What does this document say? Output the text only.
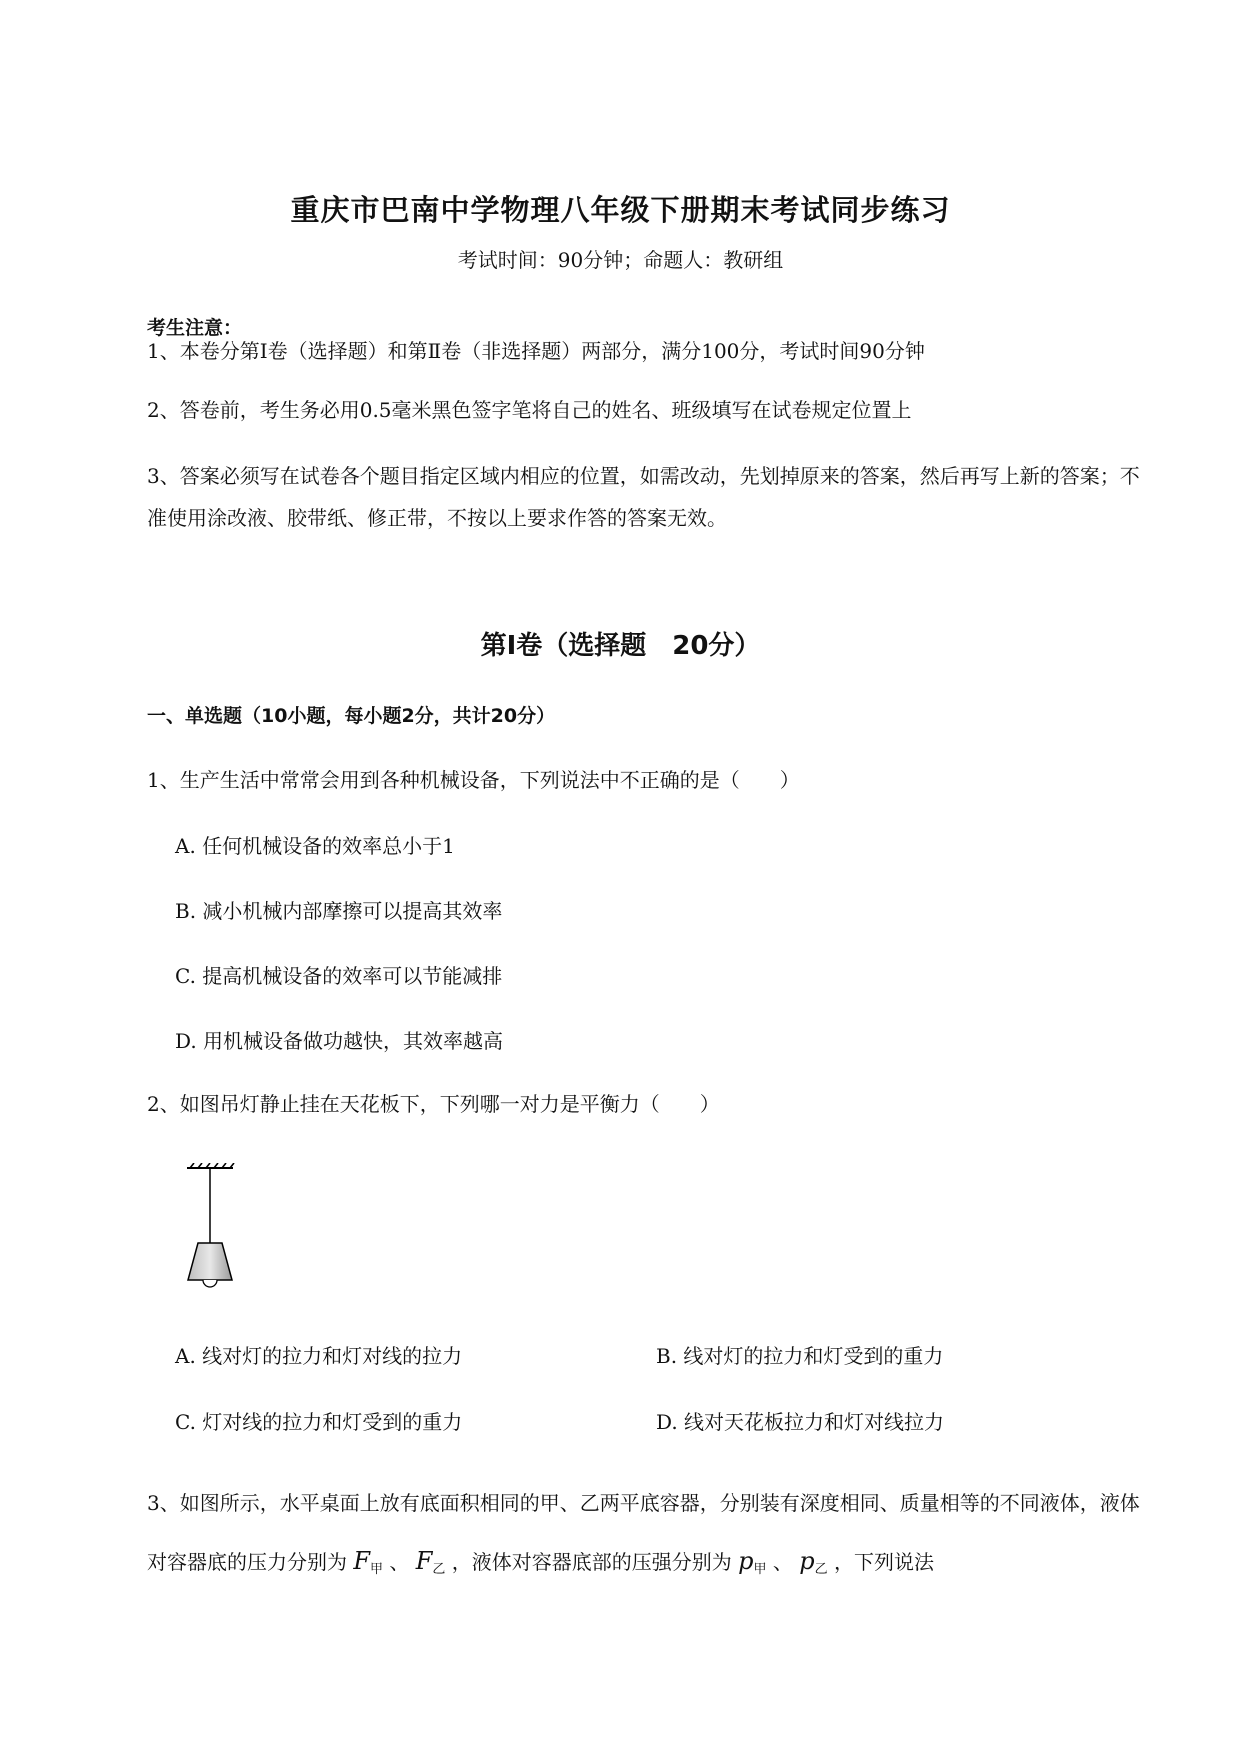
重庆市巴南中学物理八年级下册期末考试同步练习
考试时间：90分钟；命题人：教研组
考生注意：
1、本卷分第I卷（选择题）和第Ⅱ卷（非选择题）两部分，满分100分，考试时间90分钟
2、答卷前，考生务必用0.5毫米黑色签字笔将自己的姓名、班级填写在试卷规定位置上
3、答案必须写在试卷各个题目指定区域内相应的位置，如需改动，先划掉原来的答案，然后再写上新的答案；不准使用涂改液、胶带纸、修正带，不按以上要求作答的答案无效。
第I卷（选择题　20分）
一、单选题（10小题，每小题2分，共计20分）
1、生产生活中常常会用到各种机械设备，下列说法中不正确的是（　　）
A. 任何机械设备的效率总小于1
B. 减小机械内部摩擦可以提高其效率
C. 提高机械设备的效率可以节能减排
D. 用机械设备做功越快，其效率越高
2、如图吊灯静止挂在天花板下，下列哪一对力是平衡力（　　）
A. 线对灯的拉力和灯对线的拉力	B. 线对灯的拉力和灯受到的重力
C. 灯对线的拉力和灯受到的重力	D. 线对天花板拉力和灯对线拉力
3、如图所示，水平桌面上放有底面积相同的甲、乙两平底容器，分别装有深度相同、质量相等的不同液体，液体对容器底的压力分别为 $F_甲$ 、 $F_乙$ ，液体对容器底部的压强分别为 $p_甲$ 、 $p_乙$ ，下列说法
